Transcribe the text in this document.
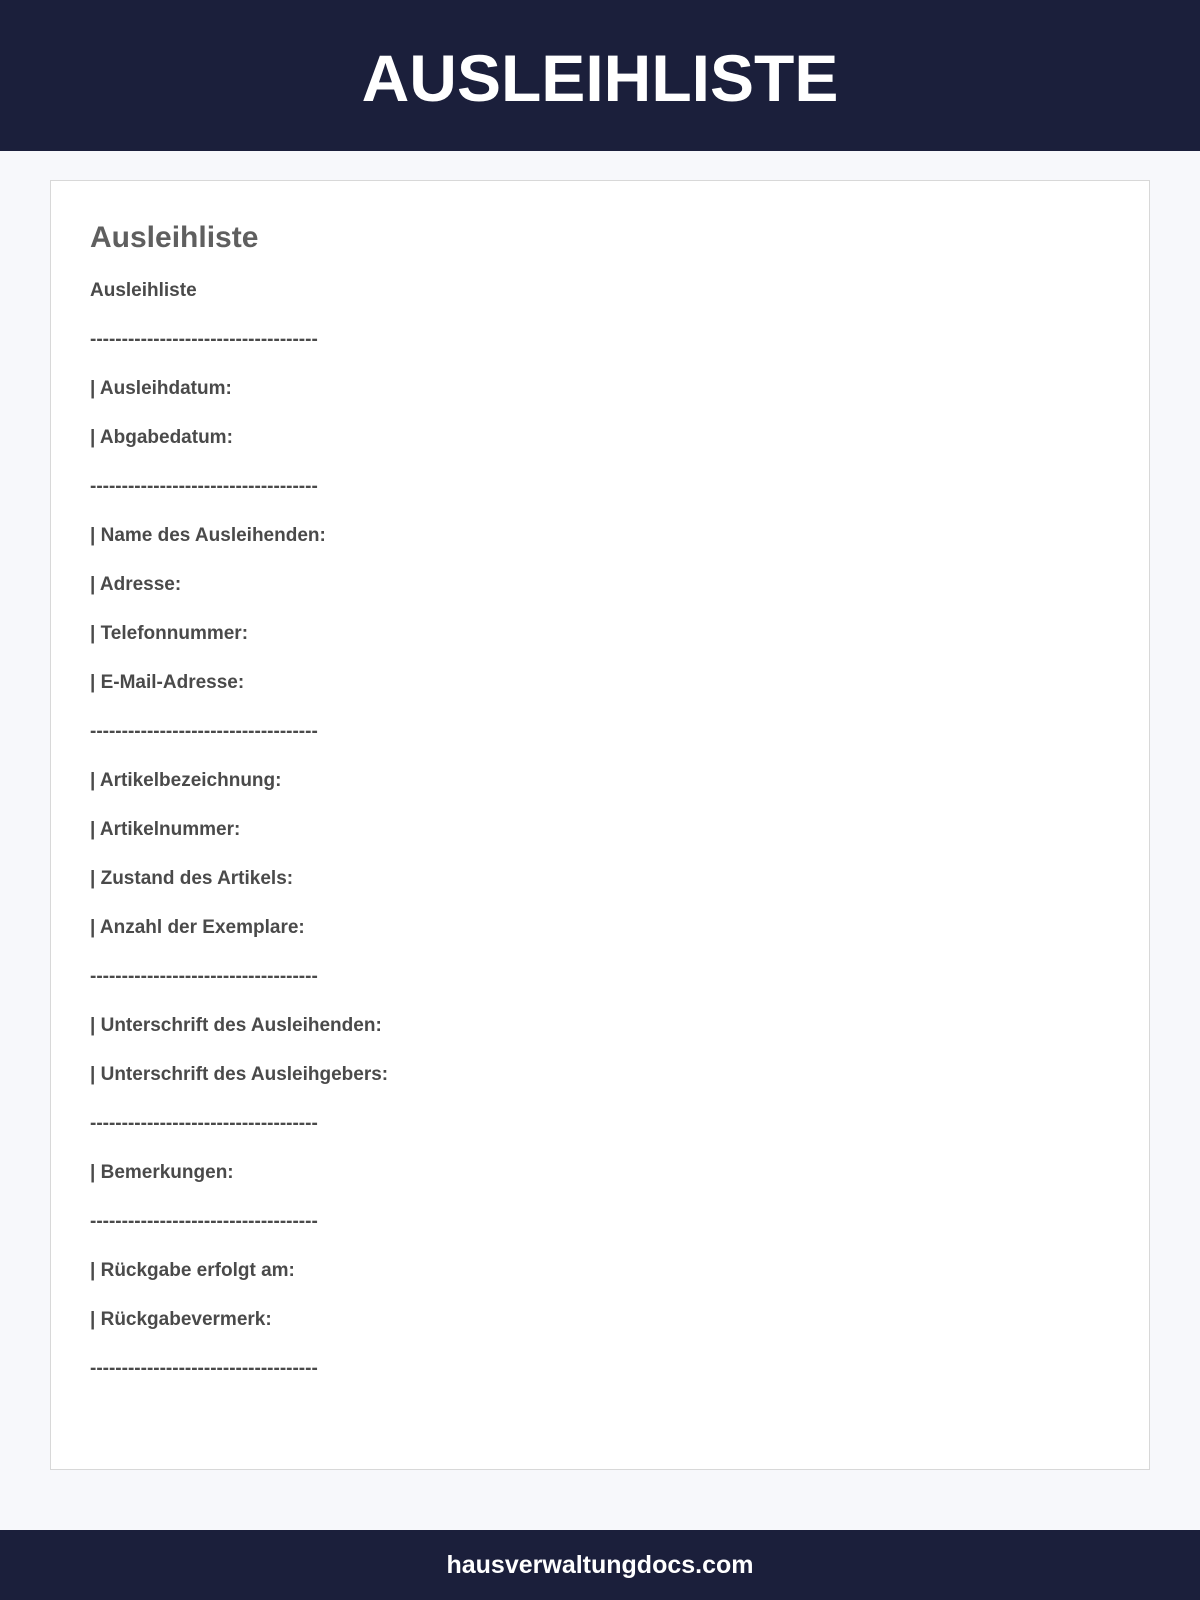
AUSLEIHLISTE
Ausleihliste
Ausleihliste
------------------------------------
| Ausleihdatum:
| Abgabedatum:
------------------------------------
| Name des Ausleihenden:
| Adresse:
| Telefonnummer:
| E-Mail-Adresse:
------------------------------------
| Artikelbezeichnung:
| Artikelnummer:
| Zustand des Artikels:
| Anzahl der Exemplare:
------------------------------------
| Unterschrift des Ausleihenden:
| Unterschrift des Ausleihgebers:
------------------------------------
| Bemerkungen:
------------------------------------
| Rückgabe erfolgt am:
| Rückgabevermerk:
------------------------------------
hausverwaltungdocs.com
